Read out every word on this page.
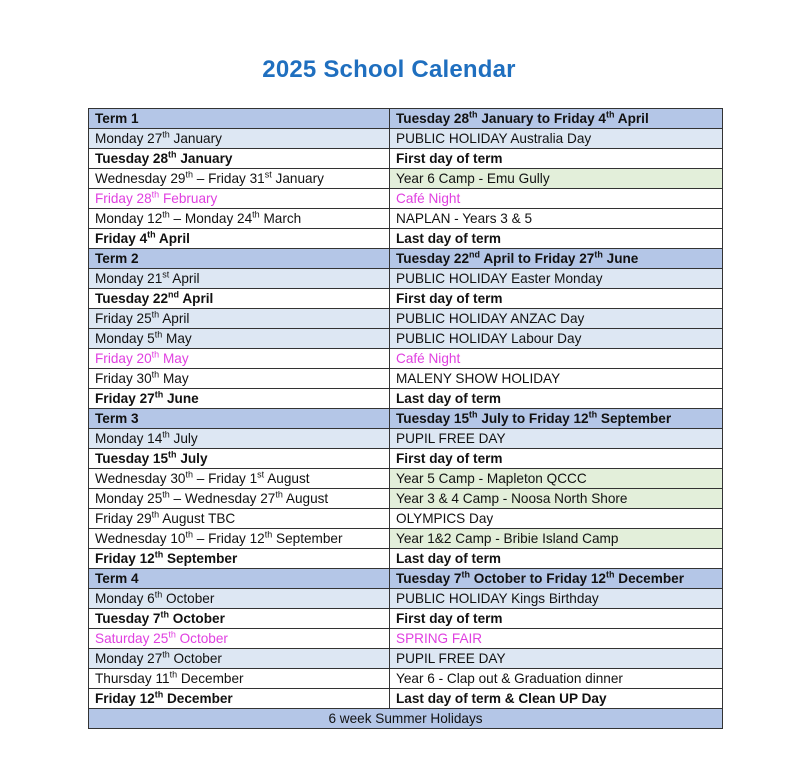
2025 School Calendar
Term 1	Tuesday 28th January to Friday 4th April
Monday 27th January	PUBLIC HOLIDAY Australia Day
Tuesday 28th January	First day of term
Wednesday 29th – Friday 31st January	Year 6 Camp - Emu Gully
Friday 28th February	Café Night
Monday 12th – Monday 24th March	NAPLAN - Years 3 & 5
Friday 4th April	Last day of term
Term 2	Tuesday 22nd April to Friday 27th June
Monday 21st April	PUBLIC HOLIDAY Easter Monday
Tuesday 22nd April	First day of term
Friday 25th April	PUBLIC HOLIDAY ANZAC Day
Monday 5th May	PUBLIC HOLIDAY Labour Day
Friday 20th May	Café Night
Friday 30th May	MALENY SHOW HOLIDAY
Friday 27th June	Last day of term
Term 3	Tuesday 15th July to Friday 12th September
Monday 14th July	PUPIL FREE DAY
Tuesday 15th July	First day of term
Wednesday 30th – Friday 1st August	Year 5 Camp - Mapleton QCCC
Monday 25th – Wednesday 27th August	Year 3 & 4 Camp - Noosa North Shore
Friday 29th August TBC	OLYMPICS Day
Wednesday 10th – Friday 12th September	Year 1&2 Camp - Bribie Island Camp
Friday 12th September	Last day of term
Term 4	Tuesday 7th October to Friday 12th December
Monday 6th October	PUBLIC HOLIDAY Kings Birthday
Tuesday 7th October	First day of term
Saturday 25th October	SPRING FAIR
Monday 27th October	PUPIL FREE DAY
Thursday 11th December	Year 6 - Clap out & Graduation dinner
Friday 12th December	Last day of term & Clean UP Day
6 week Summer Holidays	
